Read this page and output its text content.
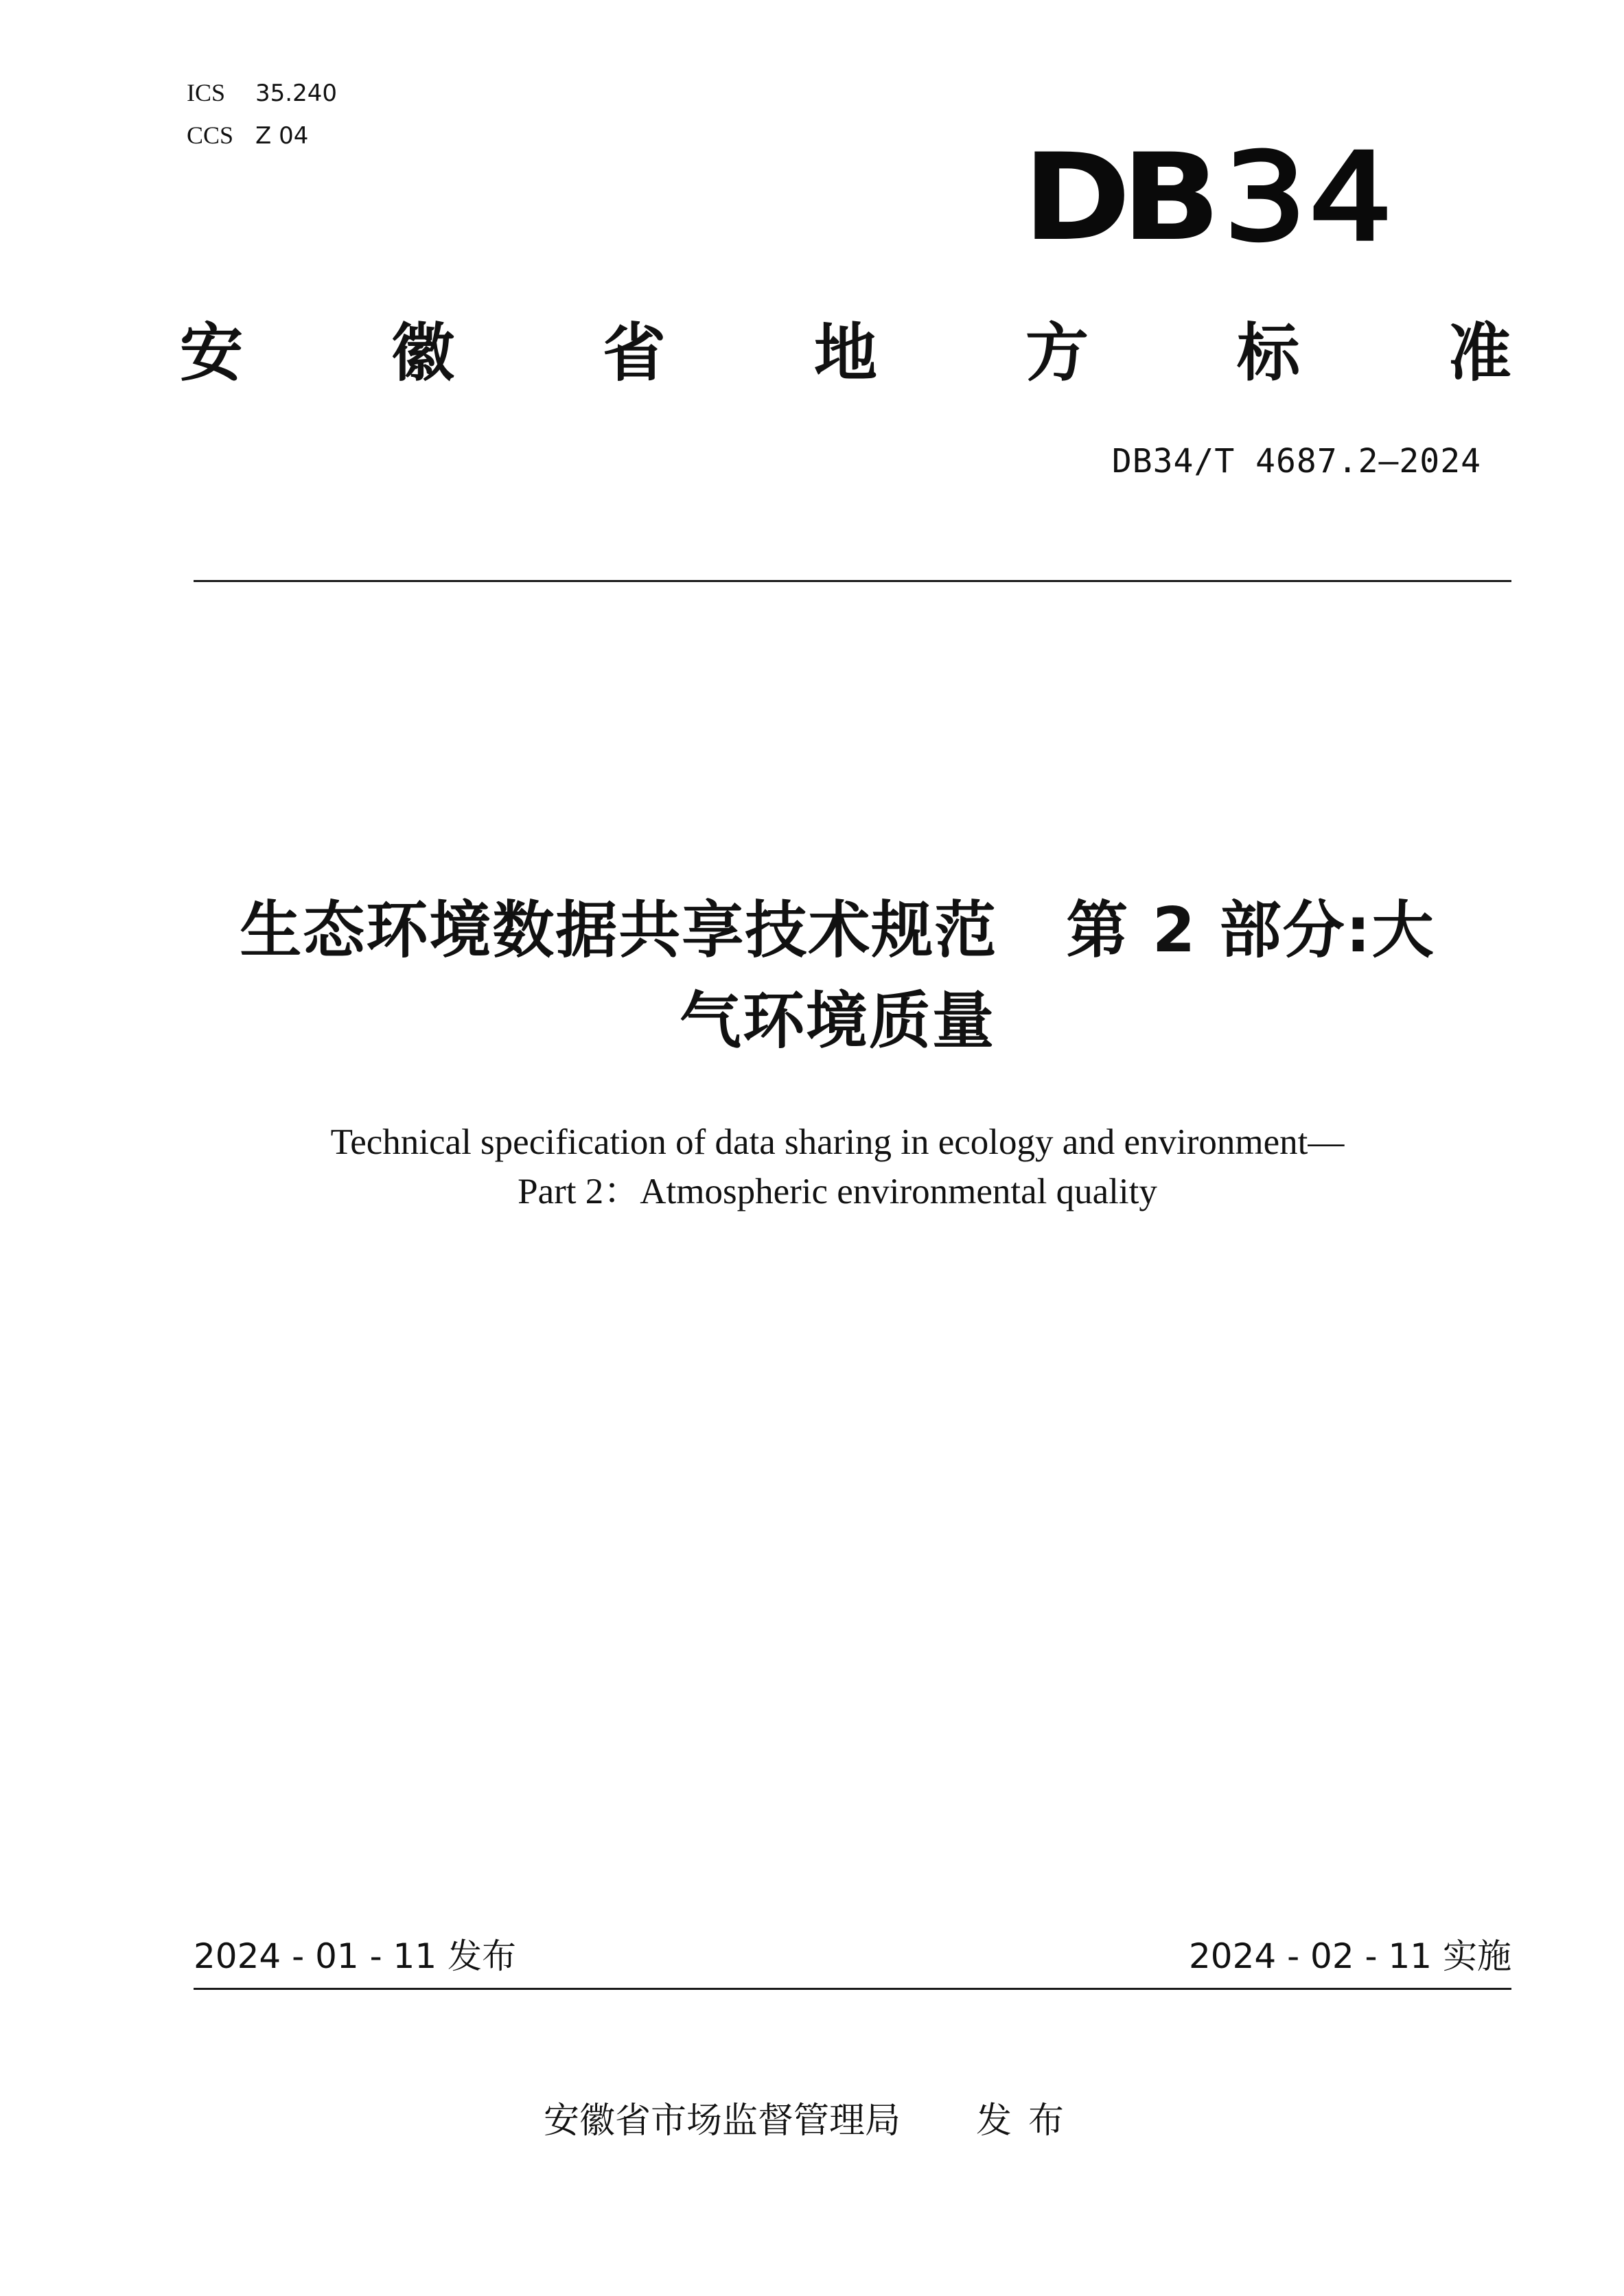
ICS	35.240
CCS Z 04	DB34
安 徽 省 地 方 标 准
DB34/T 4687.2—2024
生态环境数据共享技术规范 第 2 部分:大
气环境质量
Technical specification of data sharing in ecology and environment—
Part 2：Atmospheric environmental quality
2024 - 01 - 11 发布	2024 - 02 - 11 实施
安徽省市场监督管理局 发布
